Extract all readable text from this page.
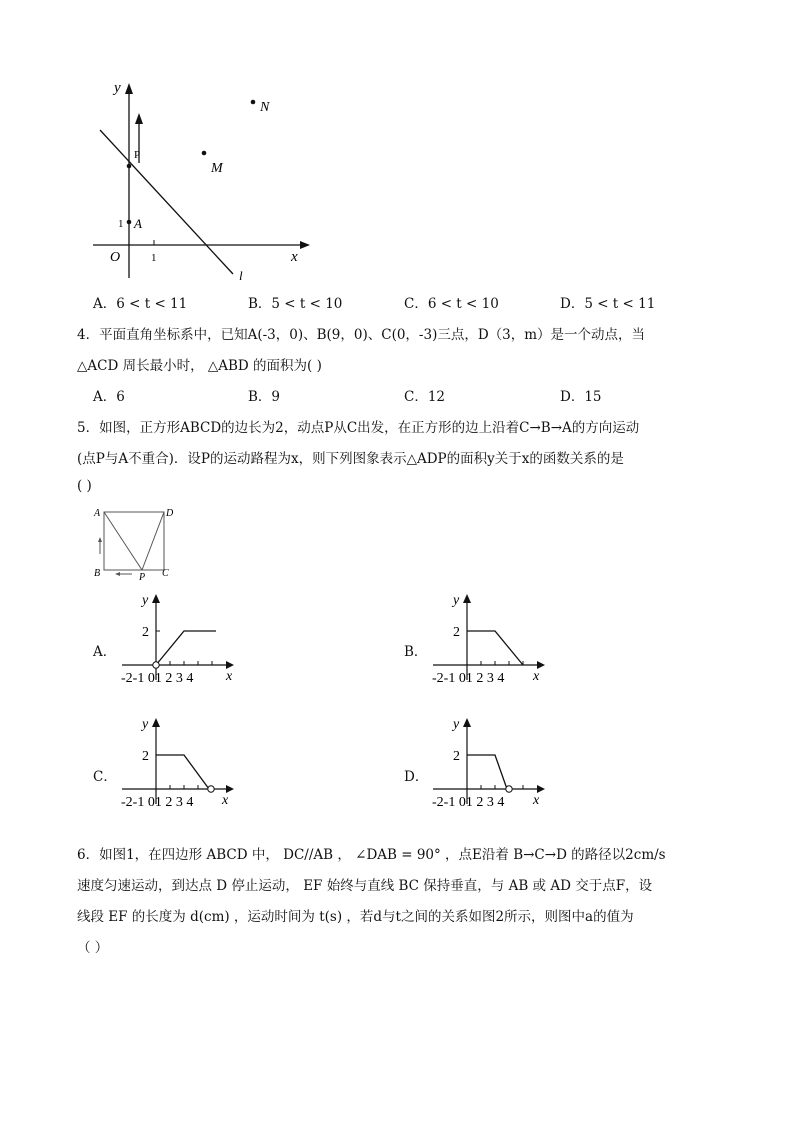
y
x
O	1
1 A
P
M
N
l
A．6 < t < 11	B．5 < t < 10	C．6 < t < 10	D．5 < t < 11
4．平面直角坐标系中，已知A(-3，0)、B(9，0)、C(0，-3)三点，D（3，m）是一个动点，当
△ACD 周长最小时， △ABD 的面积为( )
A．6	B．9	C．12	D．15
5．如图，正方形ABCD的边长为2，动点P从C出发，在正方形的边上沿着C→B→A的方向运动
(点P与A不重合)．设P的运动路程为x，则下列图象表示△ADP的面积y关于x的函数关系的是
( )
A	D
B	C
P
A．	B．
C．	D．
y
2
-2-1 01 2 3 4 x
y
2
-2-1 01 2 3 4 x
y
2
-2-1 01 2 3 4 x
y
2
-2-1 01 2 3 4 x
6．如图1，在四边形 ABCD 中， DC//AB ， ∠DAB = 90° ，点E沿着 B→C→D 的路径以2cm/s
速度匀速运动，到达点 D 停止运动， EF 始终与直线 BC 保持垂直，与 AB 或 AD 交于点F，设
线段 EF 的长度为 d(cm) ，运动时间为 t(s) ，若d与t之间的关系如图2所示，则图中a的值为
（ ）
